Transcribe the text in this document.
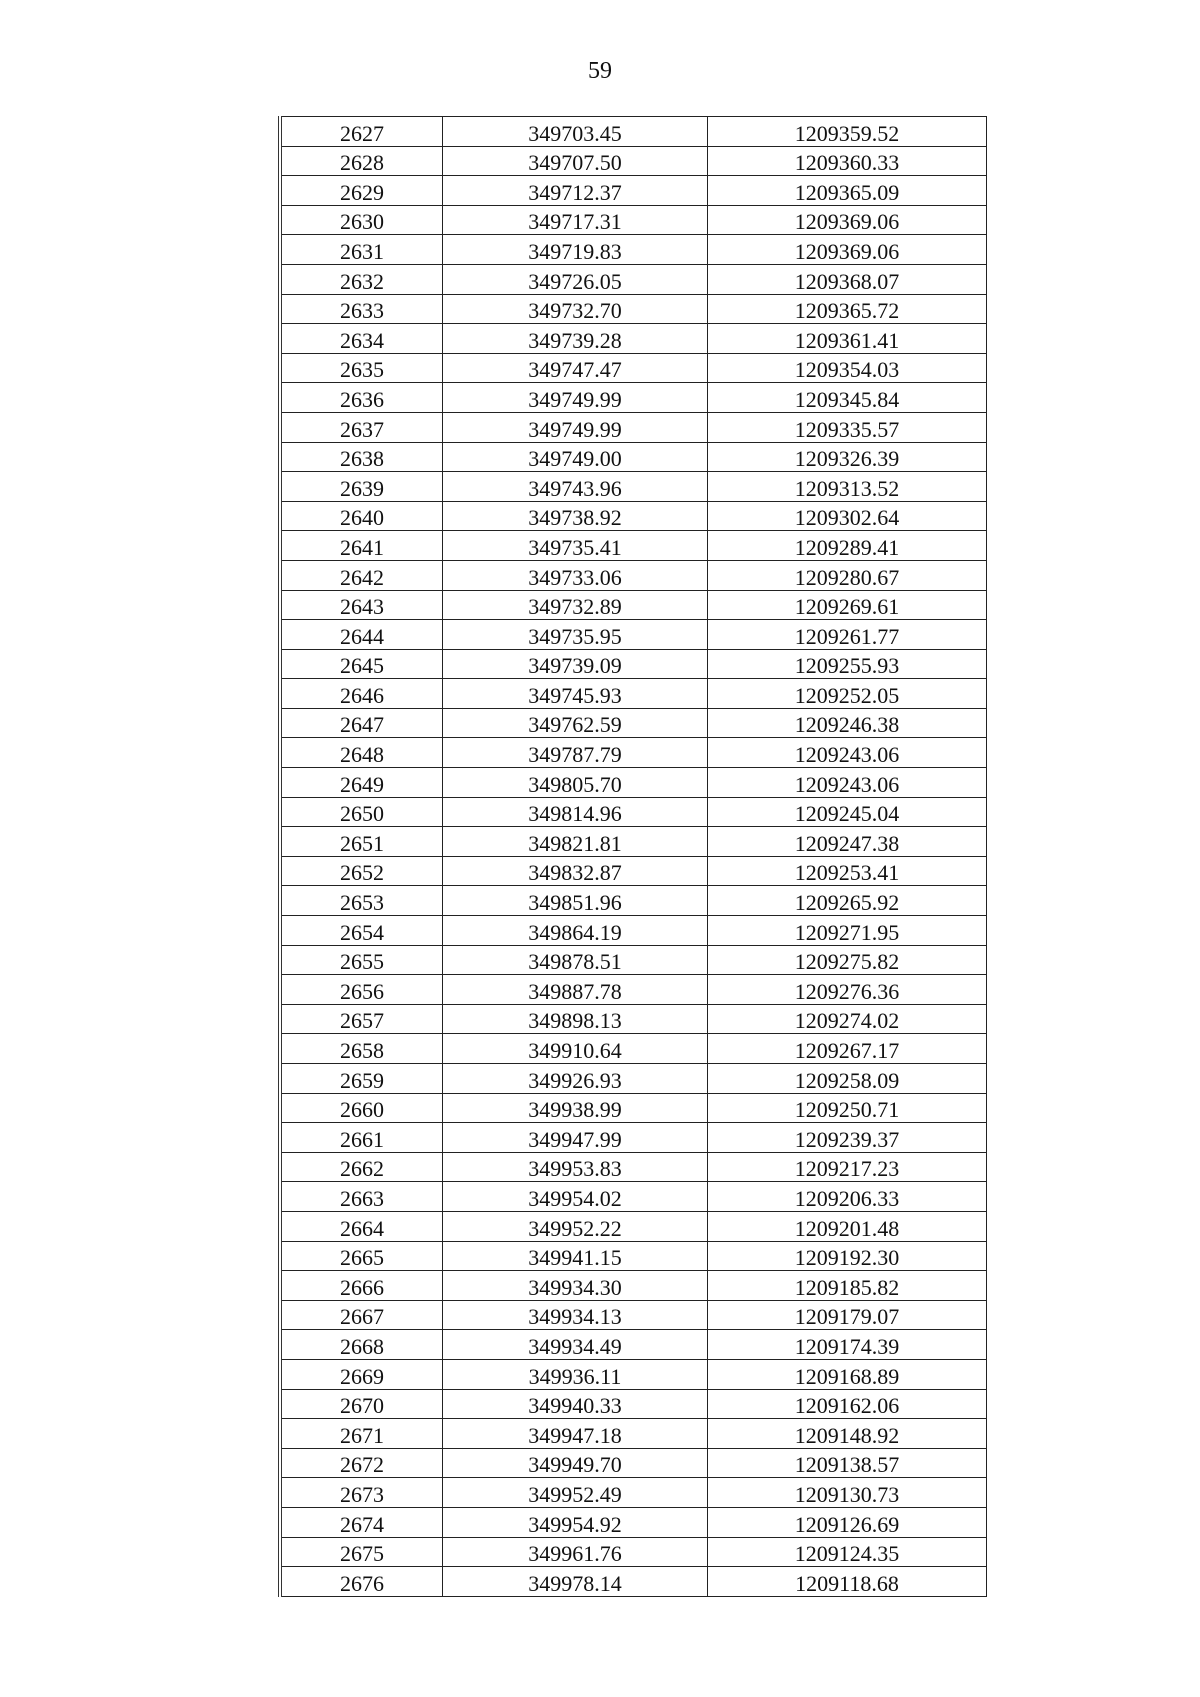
59
2627	349703.45	1209359.52
2628	349707.50	1209360.33
2629	349712.37	1209365.09
2630	349717.31	1209369.06
2631	349719.83	1209369.06
2632	349726.05	1209368.07
2633	349732.70	1209365.72
2634	349739.28	1209361.41
2635	349747.47	1209354.03
2636	349749.99	1209345.84
2637	349749.99	1209335.57
2638	349749.00	1209326.39
2639	349743.96	1209313.52
2640	349738.92	1209302.64
2641	349735.41	1209289.41
2642	349733.06	1209280.67
2643	349732.89	1209269.61
2644	349735.95	1209261.77
2645	349739.09	1209255.93
2646	349745.93	1209252.05
2647	349762.59	1209246.38
2648	349787.79	1209243.06
2649	349805.70	1209243.06
2650	349814.96	1209245.04
2651	349821.81	1209247.38
2652	349832.87	1209253.41
2653	349851.96	1209265.92
2654	349864.19	1209271.95
2655	349878.51	1209275.82
2656	349887.78	1209276.36
2657	349898.13	1209274.02
2658	349910.64	1209267.17
2659	349926.93	1209258.09
2660	349938.99	1209250.71
2661	349947.99	1209239.37
2662	349953.83	1209217.23
2663	349954.02	1209206.33
2664	349952.22	1209201.48
2665	349941.15	1209192.30
2666	349934.30	1209185.82
2667	349934.13	1209179.07
2668	349934.49	1209174.39
2669	349936.11	1209168.89
2670	349940.33	1209162.06
2671	349947.18	1209148.92
2672	349949.70	1209138.57
2673	349952.49	1209130.73
2674	349954.92	1209126.69
2675	349961.76	1209124.35
2676	349978.14	1209118.68
